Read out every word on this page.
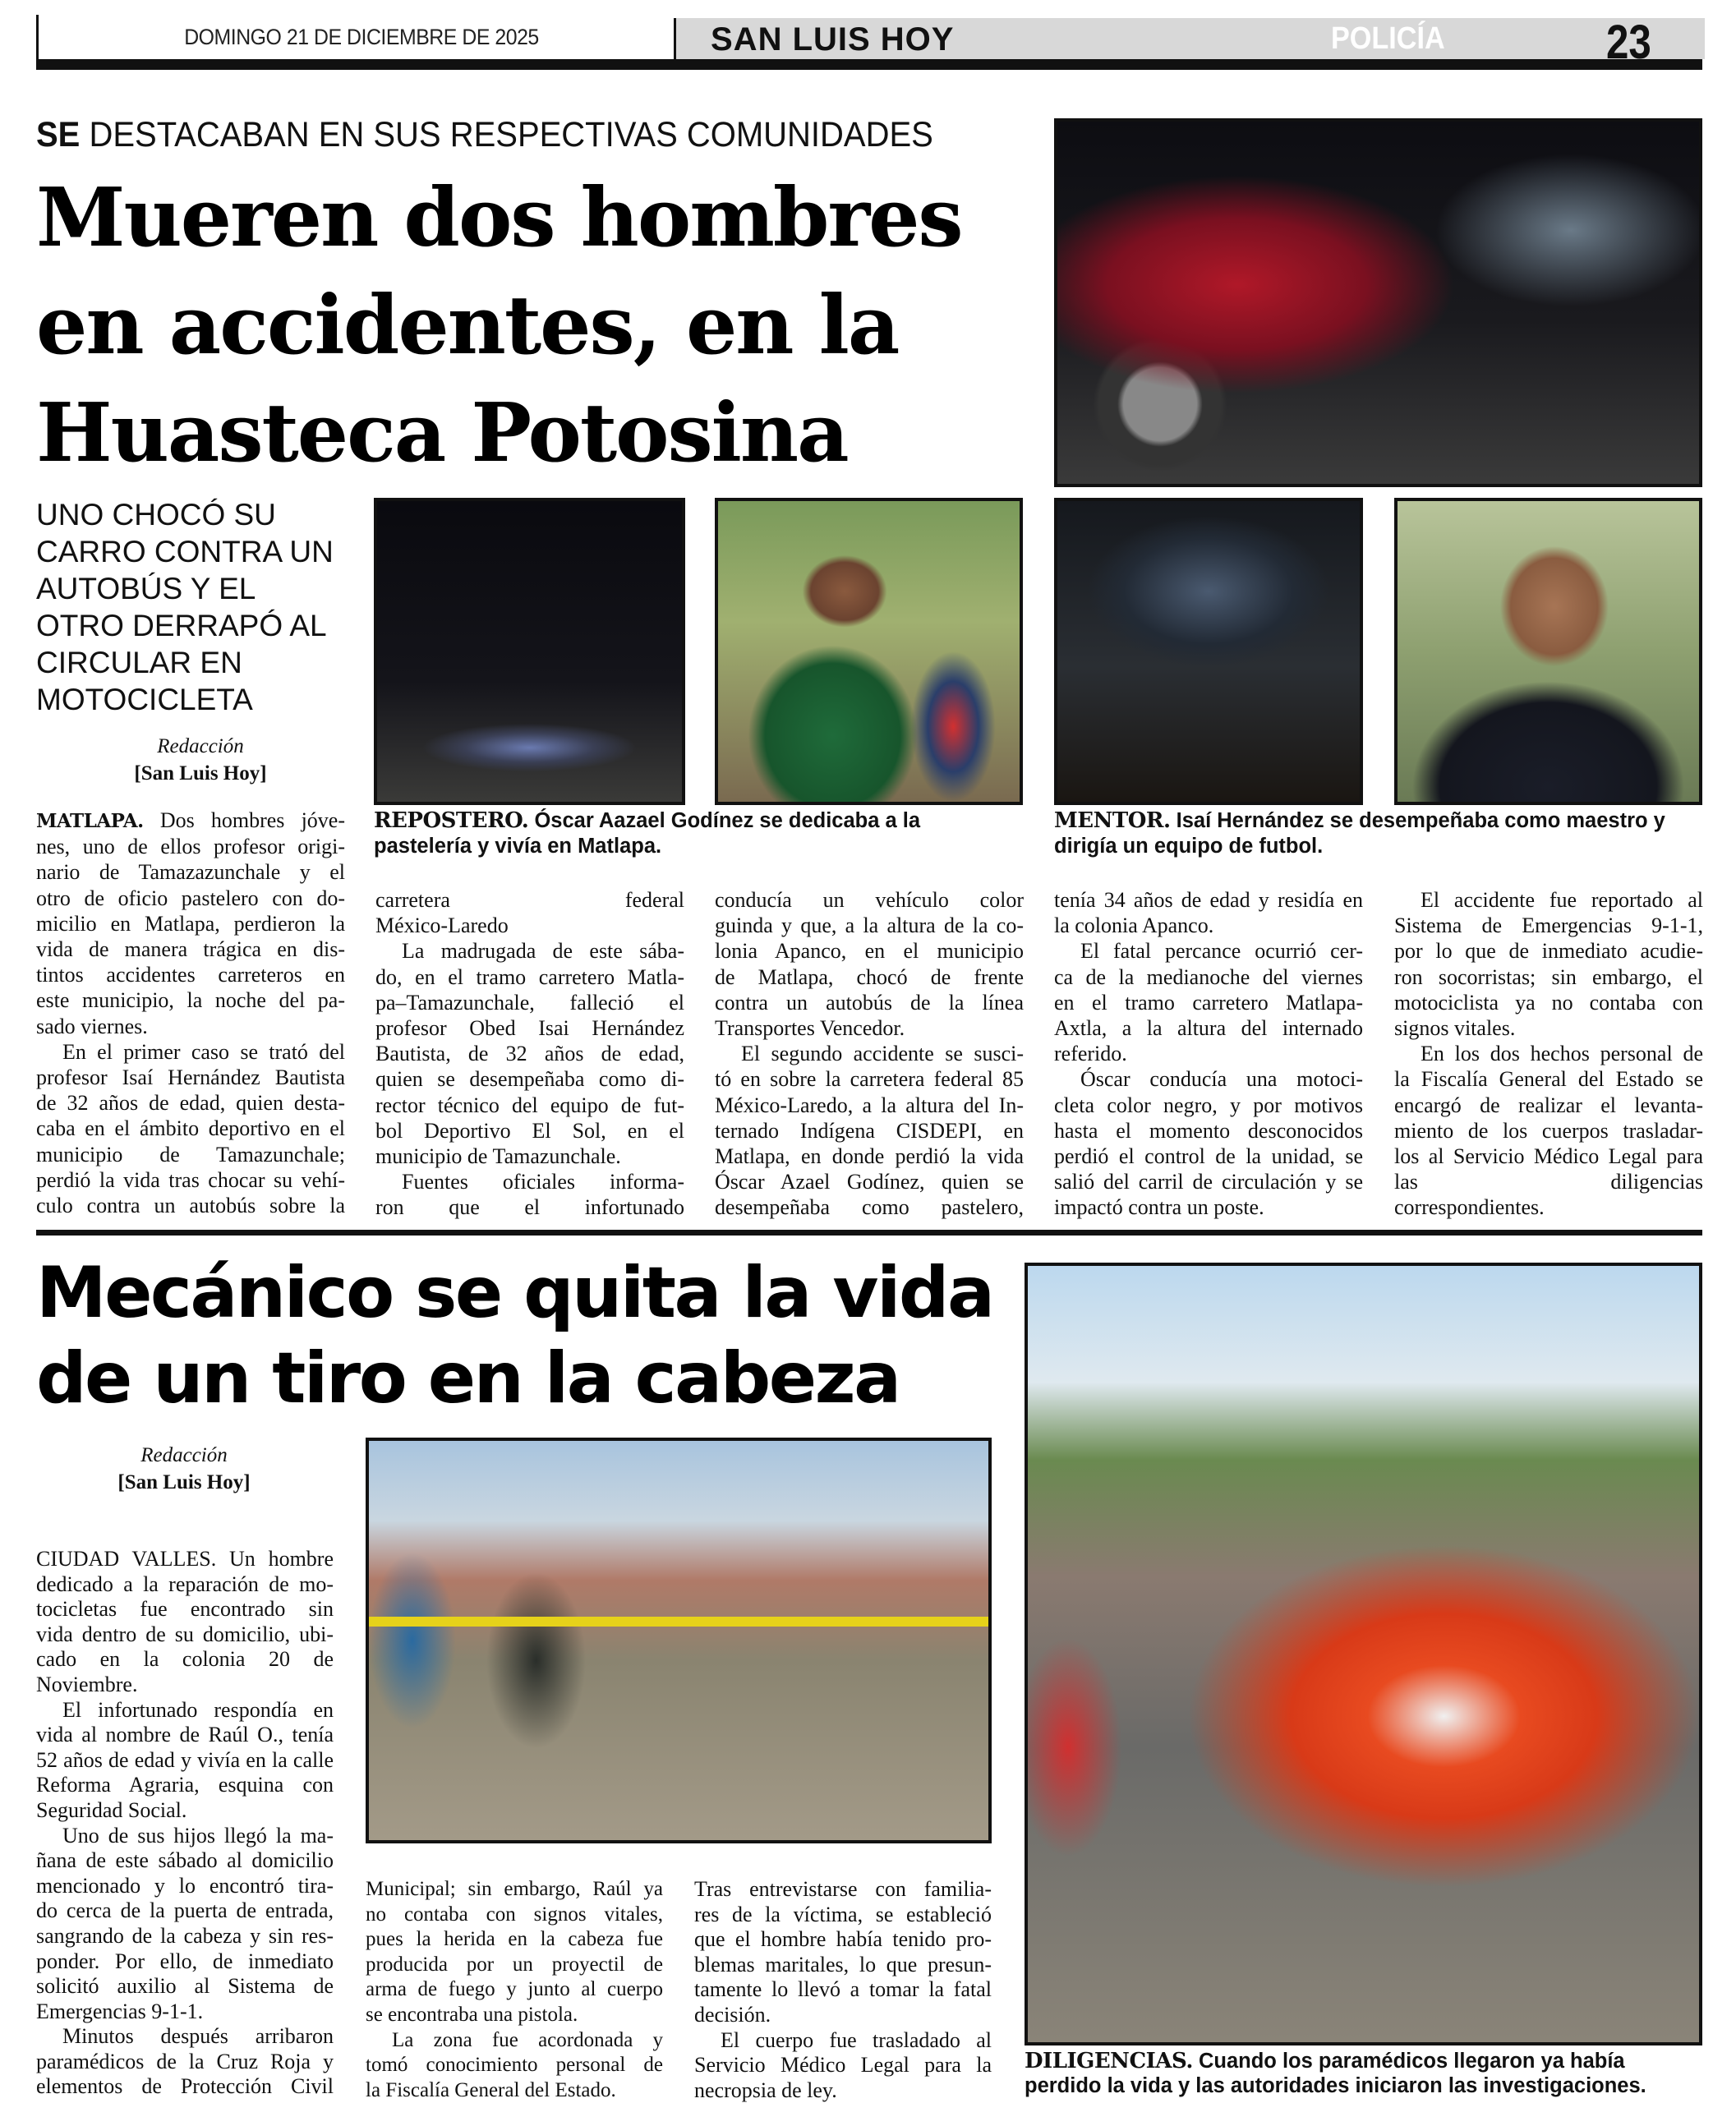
DOMINGO 21 DE DICIEMBRE DE 2025	SAN LUIS HOY	POLICÍA	23
SE DESTACABAN EN SUS RESPECTIVAS COMUNIDADES
Mueren dos hombres
en accidentes, en la
Huasteca Potosina
UNO CHOCÓ SU CARRO CONTRA UN AUTOBÚS Y EL OTRO DERRAPÓ AL CIRCULAR EN MOTOCICLETA
Redacción
[San Luis Hoy]
REPOSTERO. Óscar Aazael Godínez se dedicaba a la pastelería y vivía en Matlapa.
MENTOR. Isaí Hernández se desempeñaba como maestro y dirigía un equipo de futbol.
MATLAPA. Dos hombres jóve-
nes, uno de ellos profesor origi-
nario de Tamazazunchale y el
otro de oficio pastelero con do-
micilio en Matlapa, perdieron la
vida de manera trágica en dis-
tintos accidentes carreteros en
este municipio, la noche del pa-
sado viernes.
En el primer caso se trató del
profesor Isaí Hernández Bautista
de 32 años de edad, quien desta-
caba en el ámbito deportivo en el
municipio de Tamazunchale;
perdió la vida tras chocar su vehí-
culo contra un autobús sobre la
carretera federal
México-Laredo
La madrugada de este sába-
do, en el tramo carretero Matla-
pa–Tamazunchale, falleció el
profesor Obed Isai Hernández
Bautista, de 32 años de edad,
quien se desempeñaba como di-
rector técnico del equipo de fut-
bol Deportivo El Sol, en el
municipio de Tamazunchale.
Fuentes oficiales informa-
ron que el infortunado
conducía un vehículo color
guinda y que, a la altura de la co-
lonia Apanco, en el municipio
de Matlapa, chocó de frente
contra un autobús de la línea
Transportes Vencedor.
El segundo accidente se susci-
tó en sobre la carretera federal 85
México-Laredo, a la altura del In-
ternado Indígena CISDEPI, en
Matlapa, en donde perdió la vida
Óscar Azael Godínez, quien se
desempeñaba como pastelero,
tenía 34 años de edad y residía en
la colonia Apanco.
El fatal percance ocurrió cer-
ca de la medianoche del viernes
en el tramo carretero Matlapa-
Axtla, a la altura del internado
referido.
Óscar conducía una motoci-
cleta color negro, y por motivos
hasta el momento desconocidos
perdió el control de la unidad, se
salió del carril de circulación y se
impactó contra un poste.
El accidente fue reportado al
Sistema de Emergencias 9-1-1,
por lo que de inmediato acudie-
ron socorristas; sin embargo, el
motociclista ya no contaba con
signos vitales.
En los dos hechos personal de
la Fiscalía General del Estado se
encargó de realizar el levanta-
miento de los cuerpos trasladar-
los al Servicio Médico Legal para
las diligencias
correspondientes.
Mecánico se quita la vida
de un tiro en la cabeza
Redacción
[San Luis Hoy]
DILIGENCIAS. Cuando los paramédicos llegaron ya había perdido la vida y las autoridades iniciaron las investigaciones.
CIUDAD VALLES. Un hombre
dedicado a la reparación de mo-
tocicletas fue encontrado sin
vida dentro de su domicilio, ubi-
cado en la colonia 20 de
Noviembre.
El infortunado respondía en
vida al nombre de Raúl O., tenía
52 años de edad y vivía en la calle
Reforma Agraria, esquina con
Seguridad Social.
Uno de sus hijos llegó la ma-
ñana de este sábado al domicilio
mencionado y lo encontró tira-
do cerca de la puerta de entrada,
sangrando de la cabeza y sin res-
ponder. Por ello, de inmediato
solicitó auxilio al Sistema de
Emergencias 9-1-1.
Minutos después arribaron
paramédicos de la Cruz Roja y
elementos de Protección Civil
Municipal; sin embargo, Raúl ya
no contaba con signos vitales,
pues la herida en la cabeza fue
producida por un proyectil de
arma de fuego y junto al cuerpo
se encontraba una pistola.
La zona fue acordonada y
tomó conocimiento personal de
la Fiscalía General del Estado.
Tras entrevistarse con familia-
res de la víctima, se estableció
que el hombre había tenido pro-
blemas maritales, lo que presun-
tamente lo llevó a tomar la fatal
decisión.
El cuerpo fue trasladado al
Servicio Médico Legal para la
necropsia de ley.
